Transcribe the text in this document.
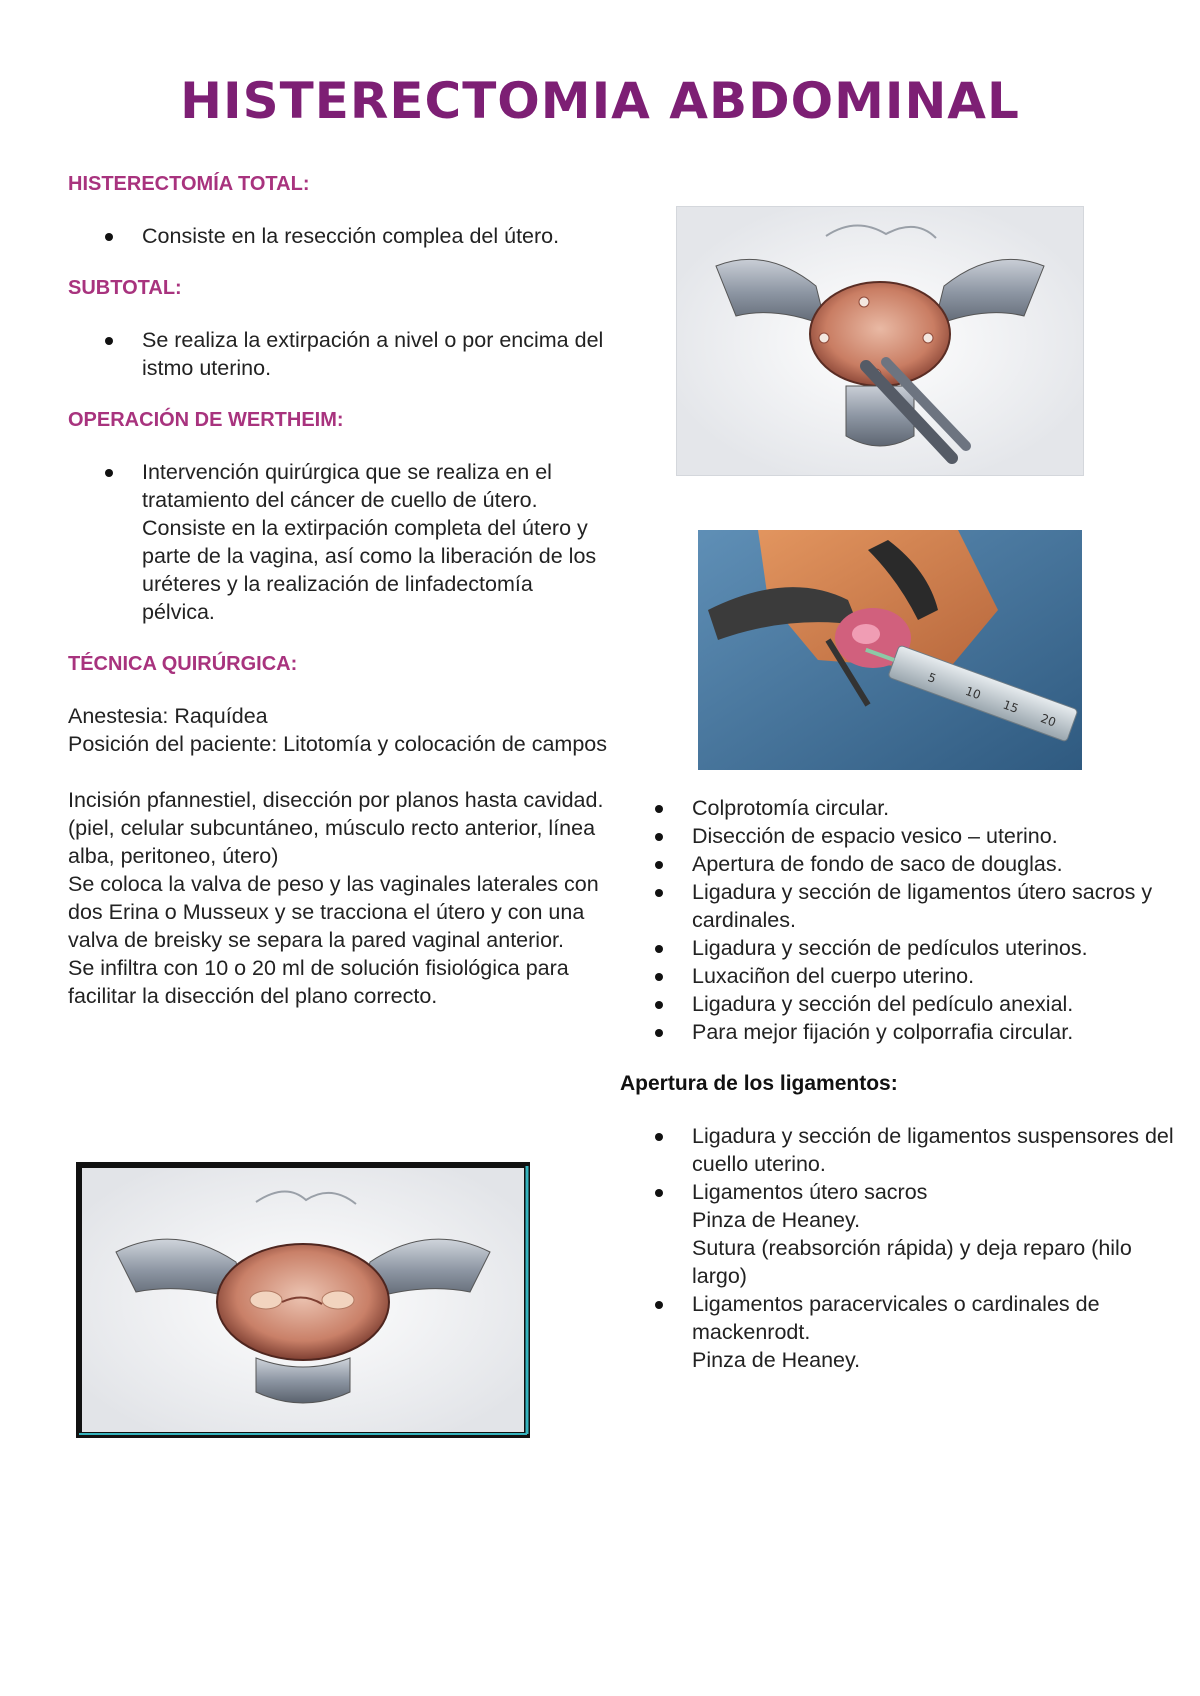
HISTERECTOMIA ABDOMINAL

HISTERECTOMÍA TOTAL:

Consiste en la resección complea del útero.

SUBTOTAL:

Se realiza la extirpación a nivel o por encima del istmo uterino.

OPERACIÓN DE WERTHEIM:

Intervención quirúrgica que se realiza en el tratamiento del cáncer de cuello de útero. Consiste en la extirpación completa del útero y parte de la vagina, así como la liberación de los uréteres y la realización de linfadectomía pélvica.

TÉCNICA QUIRÚRGICA:

Anestesia: Raquídea

Posición del paciente: Litotomía y colocación de campos

Incisión pfannestiel, disección por planos hasta cavidad. (piel, celular subcuntáneo, músculo recto anterior, línea alba, peritoneo, útero)

Se coloca la valva de peso y las vaginales laterales con dos Erina o Musseux y se tracciona el útero y con una valva de breisky se separa la pared vaginal anterior.

Se infiltra con 10 o 20 ml de solución fisiológica para facilitar la disección del plano correcto.

5
10
15
20
Colprotomía circular.
Disección de espacio vesico – uterino.
Apertura de fondo de saco de douglas.
Ligadura y sección de ligamentos útero sacros y cardinales.
Ligadura y sección de pedículos uterinos.
Luxaciñon del cuerpo uterino.
Ligadura y sección del pedículo anexial.
Para mejor fijación y colporrafia circular.

Apertura de los ligamentos:

Ligadura y sección de ligamentos suspensores del cuello uterino.
Ligamentos útero sacros
Pinza de Heaney.
Sutura (reabsorción rápida) y deja reparo (hilo largo)
Ligamentos paracervicales o cardinales de mackenrodt.
Pinza de Heaney.
